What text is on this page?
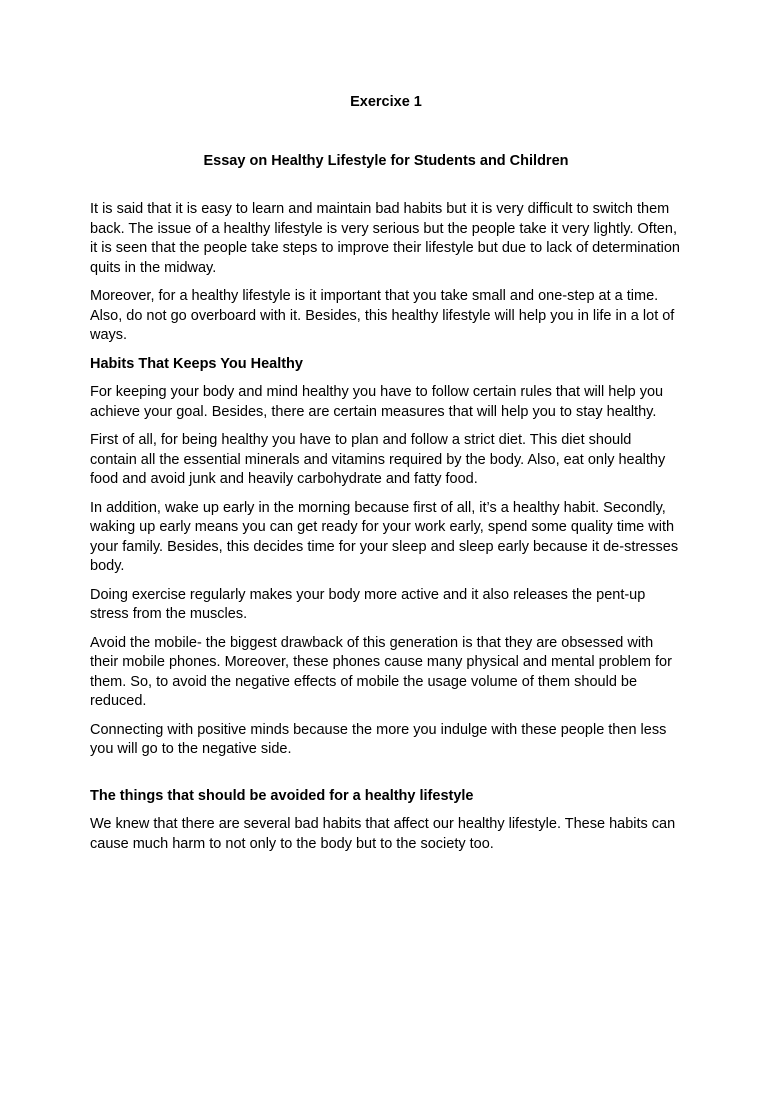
Exercixe 1
Essay on Healthy Lifestyle for Students and Children

It is said that it is easy to learn and maintain bad habits but it is very difficult to switch them back. The issue of a healthy lifestyle is very serious but the people take it very lightly. Often, it is seen that the people take steps to improve their lifestyle but due to lack of determination quits in the midway.

Moreover, for a healthy lifestyle is it important that you take small and one-step at a time. Also, do not go overboard with it. Besides, this healthy lifestyle will help you in life in a lot of ways.

Habits That Keeps You Healthy

For keeping your body and mind healthy you have to follow certain rules that will help you achieve your goal. Besides, there are certain measures that will help you to stay healthy.

First of all, for being healthy you have to plan and follow a strict diet. This diet should contain all the essential minerals and vitamins required by the body. Also, eat only healthy food and avoid junk and heavily carbohydrate and fatty food.

In addition, wake up early in the morning because first of all, it’s a healthy habit. Secondly, waking up early means you can get ready for your work early, spend some quality time with your family. Besides, this decides time for your sleep and sleep early because it de-stresses body.

Doing exercise regularly makes your body more active and it also releases the pent-up stress from the muscles.

Avoid the mobile- the biggest drawback of this generation is that they are obsessed with their mobile phones. Moreover, these phones cause many physical and mental problem for them. So, to avoid the negative effects of mobile the usage volume of them should be reduced.

Connecting with positive minds because the more you indulge with these people then less you will go to the negative side.

The things that should be avoided for a healthy lifestyle

We knew that there are several bad habits that affect our healthy lifestyle. These habits can cause much harm to not only to the body but to the society too.
